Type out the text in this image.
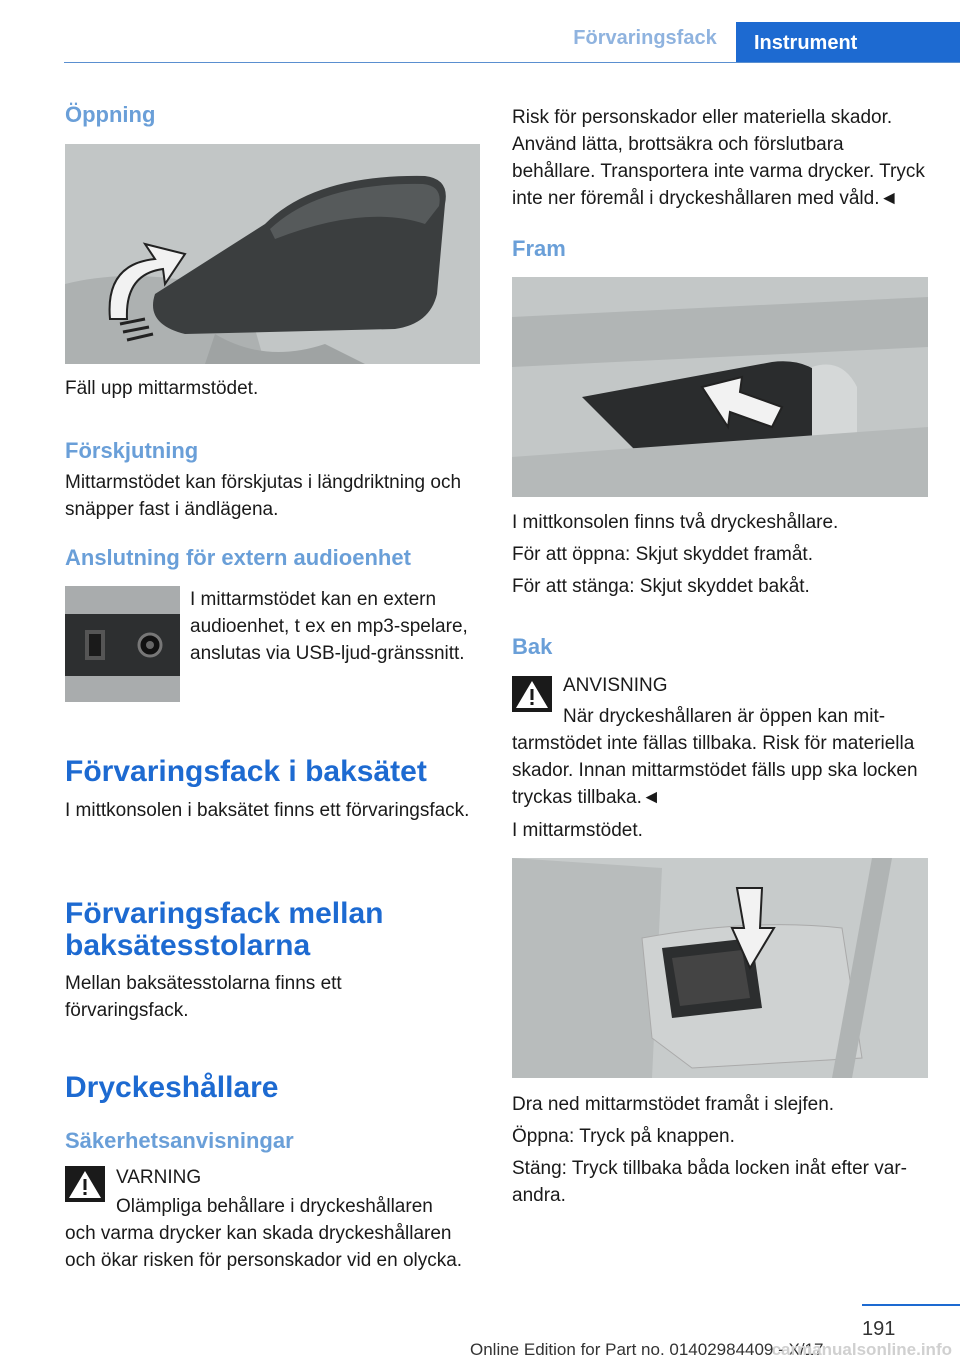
Förvaringsfack	Instrument
Öppning
Fäll upp mittarmstödet.
Förskjutning
Mittarmstödet kan förskjutas i längdriktning och snäpper fast i ändlägena.
Anslutning för extern audioenhet
I mittarmstödet kan en extern audioenhet, t ex en mp3-spelare, anslutas via USB-ljud-gränssnitt.
Förvaringsfack i baksätet
I mittkonsolen i baksätet finns ett förvaringsfack.
Förvaringsfack mellan baksätesstolarna
Mellan baksätesstolarna finns ett förvaringsfack.
Dryckeshållare
Säkerhetsanvisningar
VARNING
Olämpliga behållare i dryckeshållaren
och varma drycker kan skada dryckeshållaren och ökar risken för personskador vid en olycka.
Risk för personskador eller materiella skador. Använd lätta, brottsäkra och förslutbara behållare. Transportera inte varma drycker. Tryck inte ner föremål i dryckeshållaren med våld.◄
Fram
I mittkonsolen finns två dryckeshållare.
För att öppna: Skjut skyddet framåt.
För att stänga: Skjut skyddet bakåt.
Bak
ANVISNING
När dryckeshållaren är öppen kan mit-
tarmstödet inte fällas tillbaka. Risk för materiella skador. Innan mittarmstödet fälls upp ska locken tryckas tillbaka.◄
I mittarmstödet.
Dra ned mittarmstödet framåt i slejfen.
Öppna: Tryck på knappen.
Stäng: Tryck tillbaka båda locken inåt efter var-andra.
191
Online Edition for Part no. 01402984409 - X/17
carmanualsonline.info
